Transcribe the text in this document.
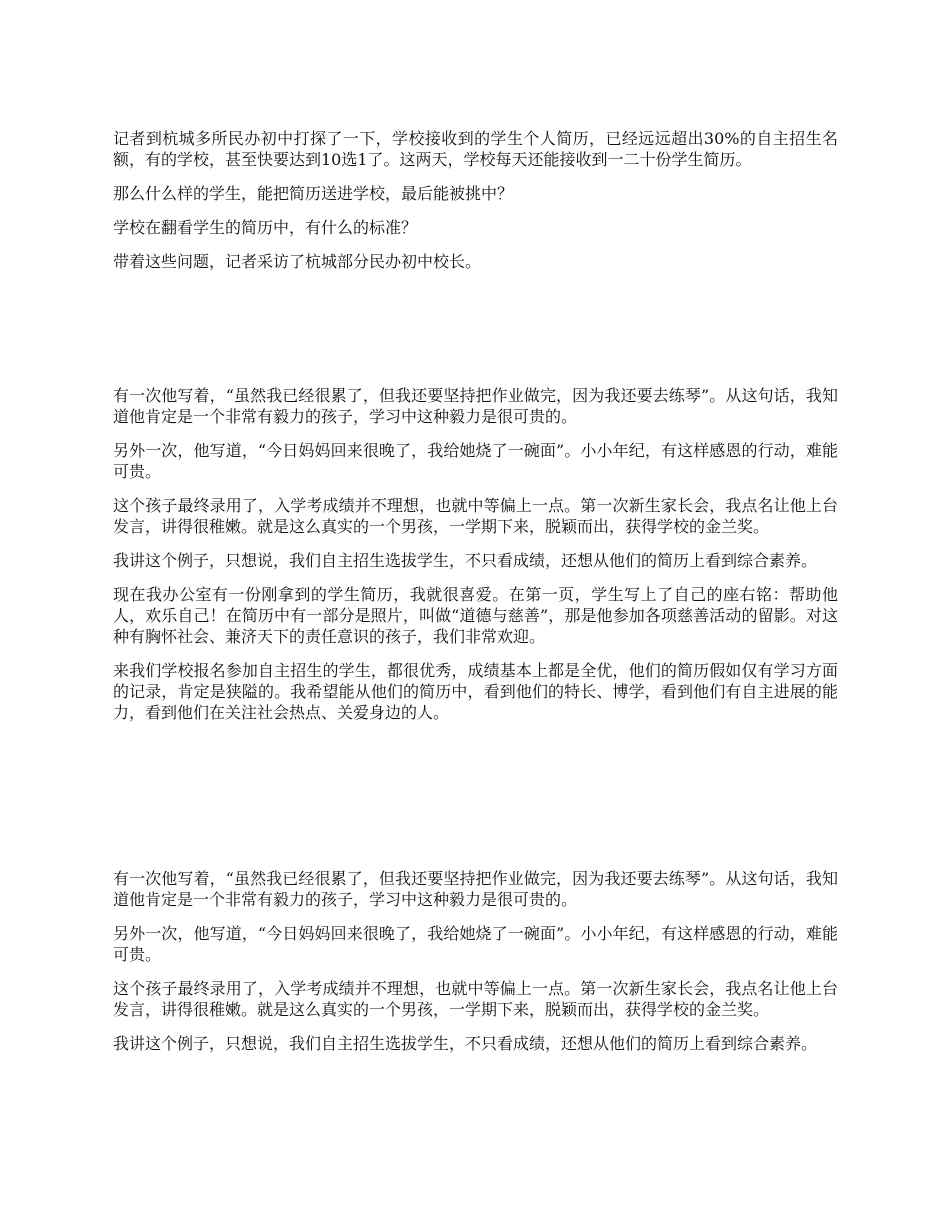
记者到杭城多所民办初中打探了一下，学校接收到的学生个人简历，已经远远超出30%的自主招生名额，有的学校，甚至快要达到10选1了。这两天，学校每天还能接收到一二十份学生简历。

那么什么样的学生，能把简历送进学校，最后能被挑中？

学校在翻看学生的简历中，有什么的标准？

带着这些问题，记者采访了杭城部分民办初中校长。

有一次他写着，“虽然我已经很累了，但我还要坚持把作业做完，因为我还要去练琴”。从这句话，我知道他肯定是一个非常有毅力的孩子，学习中这种毅力是很可贵的。

另外一次，他写道，“今日妈妈回来很晚了，我给她烧了一碗面”。小小年纪，有这样感恩的行动，难能可贵。

这个孩子最终录用了，入学考成绩并不理想，也就中等偏上一点。第一次新生家长会，我点名让他上台发言，讲得很稚嫩。就是这么真实的一个男孩，一学期下来，脱颖而出，获得学校的金兰奖。

我讲这个例子，只想说，我们自主招生选拔学生，不只看成绩，还想从他们的简历上看到综合素养。

现在我办公室有一份刚拿到的学生简历，我就很喜爱。在第一页，学生写上了自己的座右铭：帮助他人，欢乐自己！在简历中有一部分是照片，叫做“道德与慈善”，那是他参加各项慈善活动的留影。对这种有胸怀社会、兼济天下的责任意识的孩子，我们非常欢迎。

来我们学校报名参加自主招生的学生，都很优秀，成绩基本上都是全优，他们的简历假如仅有学习方面的记录，肯定是狭隘的。我希望能从他们的简历中，看到他们的特长、博学，看到他们有自主进展的能力，看到他们在关注社会热点、关爱身边的人。

有一次他写着，“虽然我已经很累了，但我还要坚持把作业做完，因为我还要去练琴”。从这句话，我知道他肯定是一个非常有毅力的孩子，学习中这种毅力是很可贵的。

另外一次，他写道，“今日妈妈回来很晚了，我给她烧了一碗面”。小小年纪，有这样感恩的行动，难能可贵。

这个孩子最终录用了，入学考成绩并不理想，也就中等偏上一点。第一次新生家长会，我点名让他上台发言，讲得很稚嫩。就是这么真实的一个男孩，一学期下来，脱颖而出，获得学校的金兰奖。

我讲这个例子，只想说，我们自主招生选拔学生，不只看成绩，还想从他们的简历上看到综合素养。
